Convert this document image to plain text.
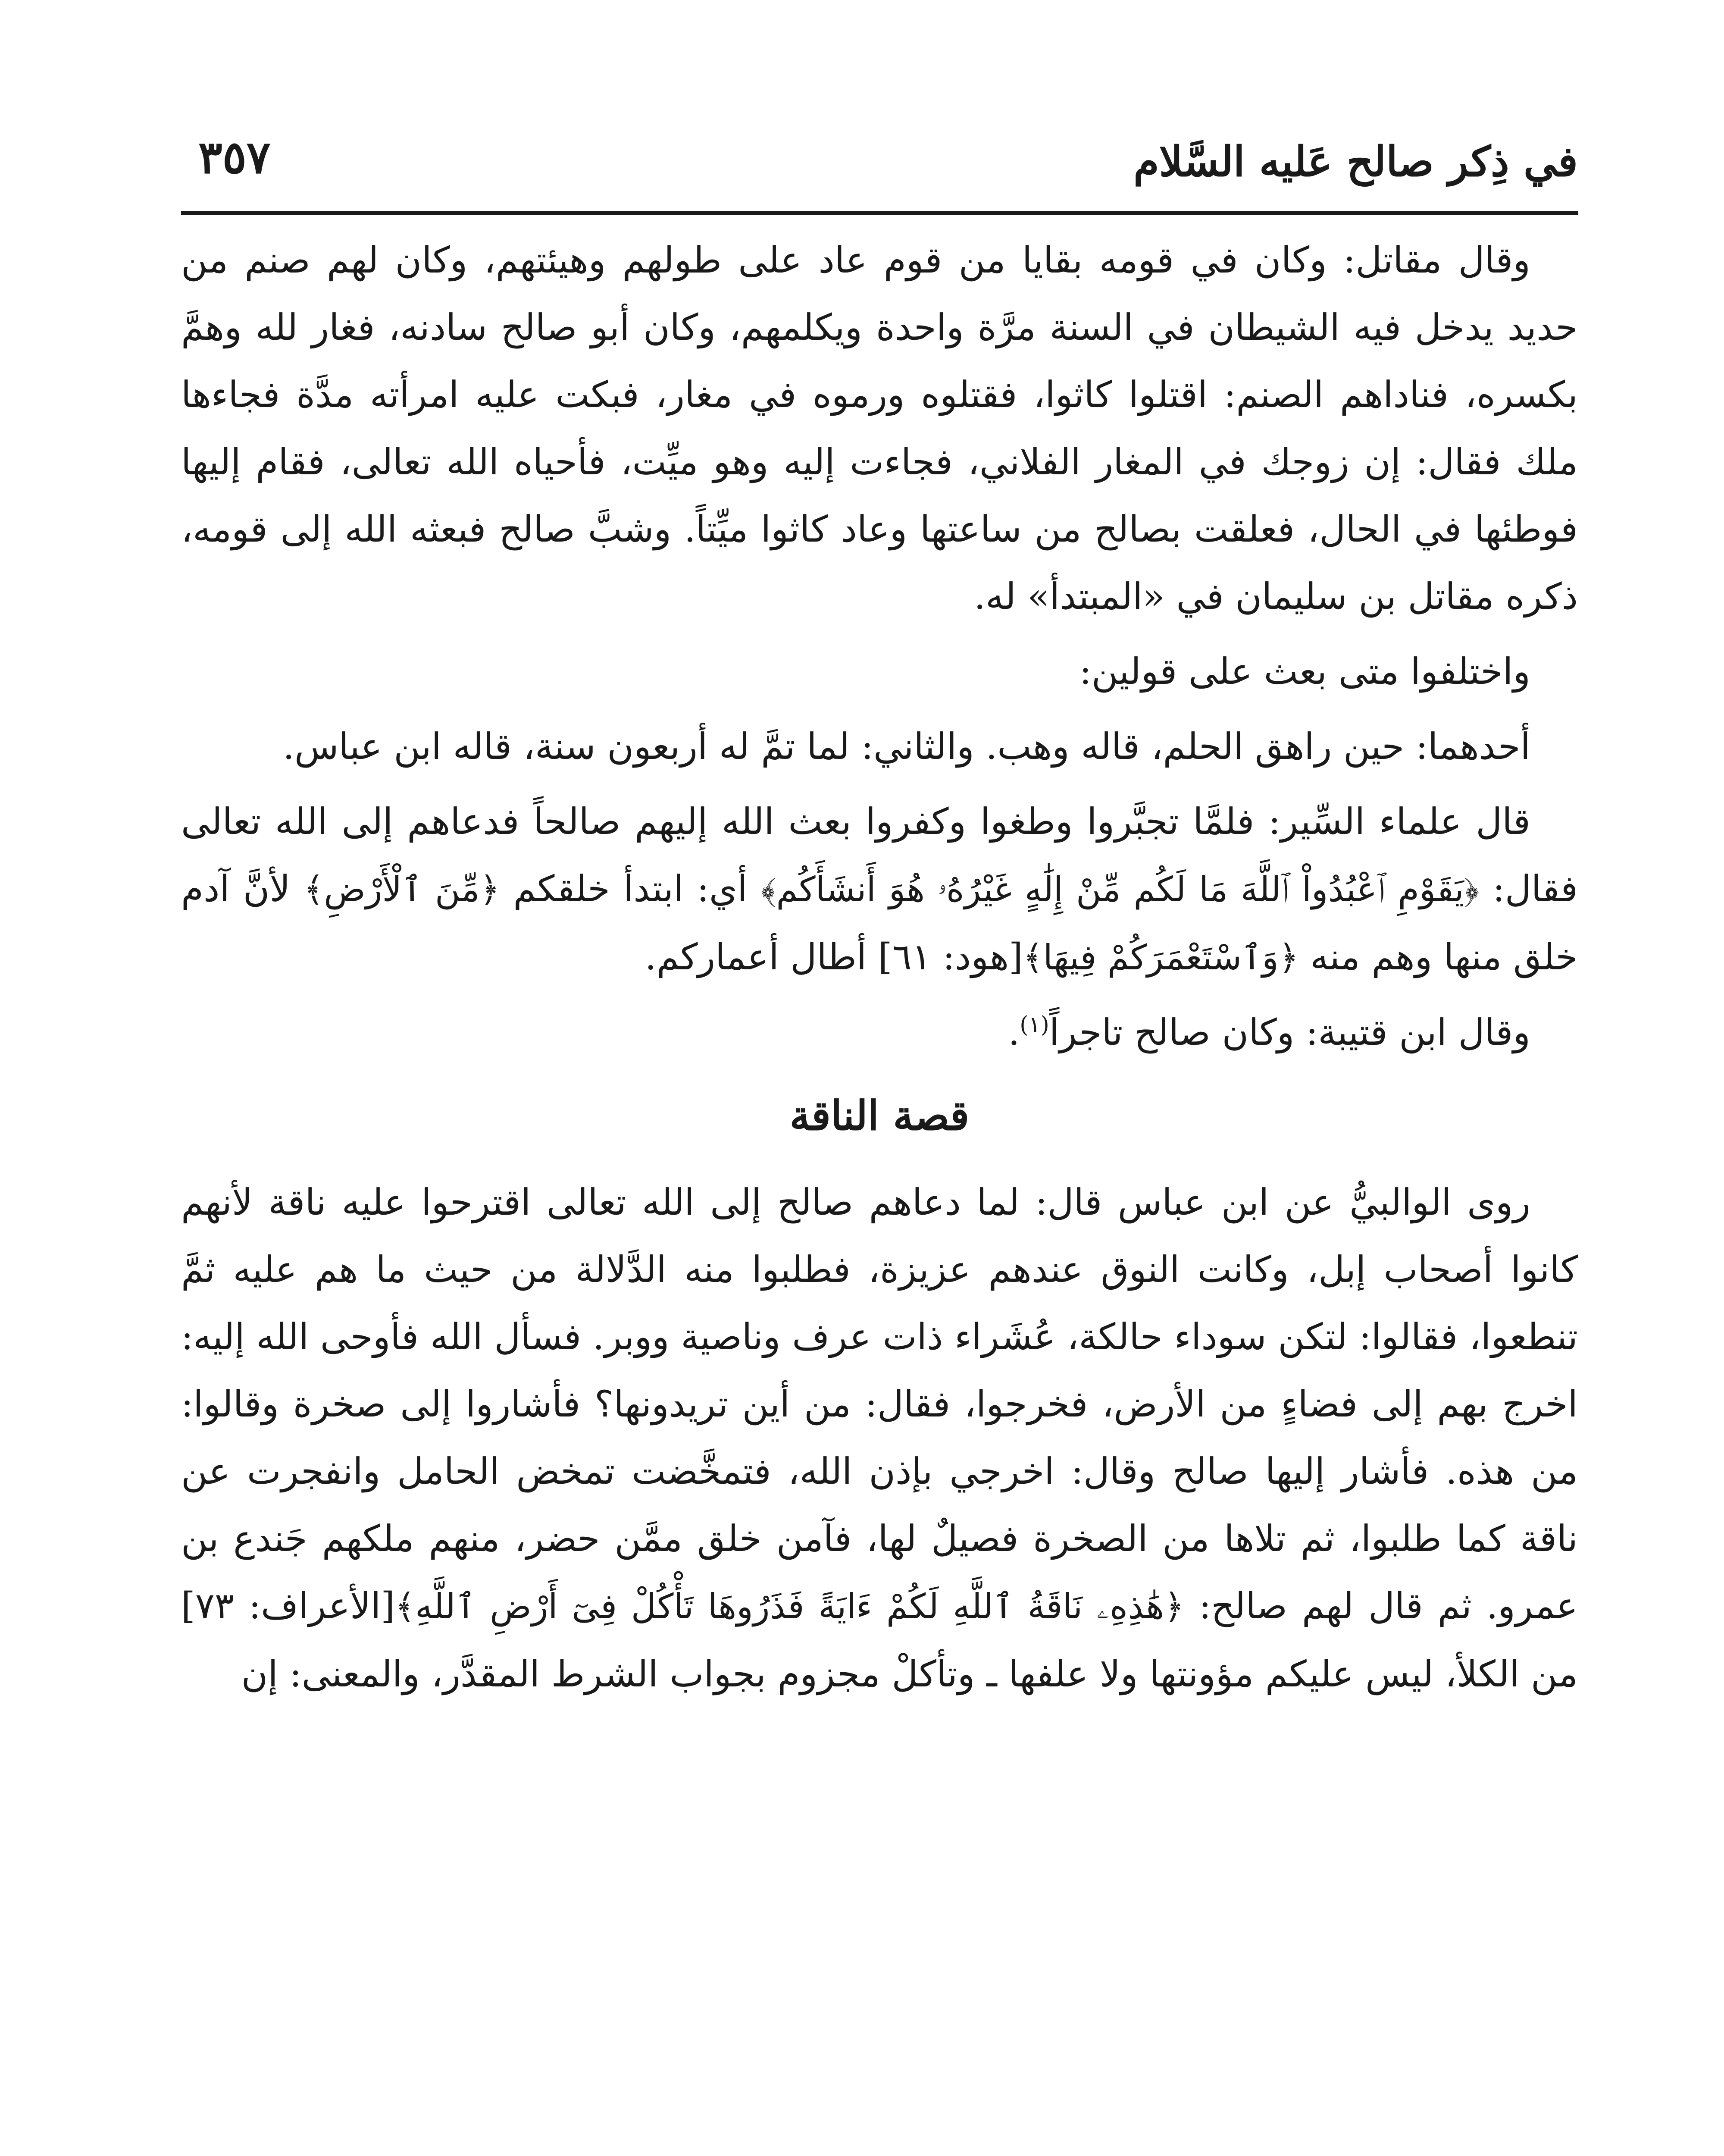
في ذِكر صالح عَليه السَّلام
٣٥٧

وقال مقاتل: وكان في قومه بقايا من قوم عاد على طولهم وهيئتهم، وكان لهم صنم من حديد يدخل فيه الشيطان في السنة مرَّة واحدة ويكلمهم، وكان أبو صالح سادنه، فغار لله وهمَّ بكسره، فناداهم الصنم: اقتلوا كاثوا، فقتلوه ورموه في مغار، فبكت عليه امرأته مدَّة فجاءها ملك فقال: إن زوجك في المغار الفلاني، فجاءت إليه وهو ميِّت، فأحياه الله تعالى، فقام إليها فوطئها في الحال، فعلقت بصالح من ساعتها وعاد كاثوا ميِّتاً. وشبَّ صالح فبعثه الله إلى قومه، ذكره مقاتل بن سليمان في «المبتدأ» له.

واختلفوا متى بعث على قولين:

أحدهما: حين راهق الحلم، قاله وهب. والثاني: لما تمَّ له أربعون سنة، قاله ابن عباس.

قال علماء السِّير: فلمَّا تجبَّروا وطغوا وكفروا بعث الله إليهم صالحاً فدعاهم إلى الله تعالى فقال: ﴿يَقَوْمِ ٱعْبُدُواْ ٱللَّهَ مَا لَكُم مِّنْ إِلَٰهٍ غَيْرُهُۥ هُوَ أَنشَأَكُم﴾ أي: ابتدأ خلقكم ﴿مِّنَ ٱلْأَرْضِ﴾ لأنَّ آدم خلق منها وهم منه ﴿وَٱسْتَعْمَرَكُمْ فِيهَا﴾[هود: ٦١] أطال أعماركم.

وقال ابن قتيبة: وكان صالح تاجراً$^{(١)}$.

قصة الناقة

روى الوالبيُّ عن ابن عباس قال: لما دعاهم صالح إلى الله تعالى اقترحوا عليه ناقة لأنهم كانوا أصحاب إبل، وكانت النوق عندهم عزيزة، فطلبوا منه الدَّلالة من حيث ما هم عليه ثمَّ تنطعوا، فقالوا: لتكن سوداء حالكة، عُشَراء ذات عرف وناصية ووبر. فسأل الله فأوحى الله إليه: اخرج بهم إلى فضاءٍ من الأرض، فخرجوا، فقال: من أين تريدونها؟ فأشاروا إلى صخرة وقالوا: من هذه. فأشار إليها صالح وقال: اخرجي بإذن الله، فتمخَّضت تمخض الحامل وانفجرت عن ناقة كما طلبوا، ثم تلاها من الصخرة فصيلٌ لها، فآمن خلق ممَّن حضر، منهم ملكهم جَندع بن عمرو. ثم قال لهم صالح: ﴿هَٰذِهِۦ نَاقَةُ ٱللَّهِ لَكُمْ ءَايَةً فَذَرُوهَا تَأْكُلْ فِىٓ أَرْضِ ٱللَّهِ﴾[الأعراف: ٧٣] من الكلأ، ليس عليكم مؤونتها ولا علفها ـ وتأكلْ مجزوم بجواب الشرط المقدَّر، والمعنى: إن
